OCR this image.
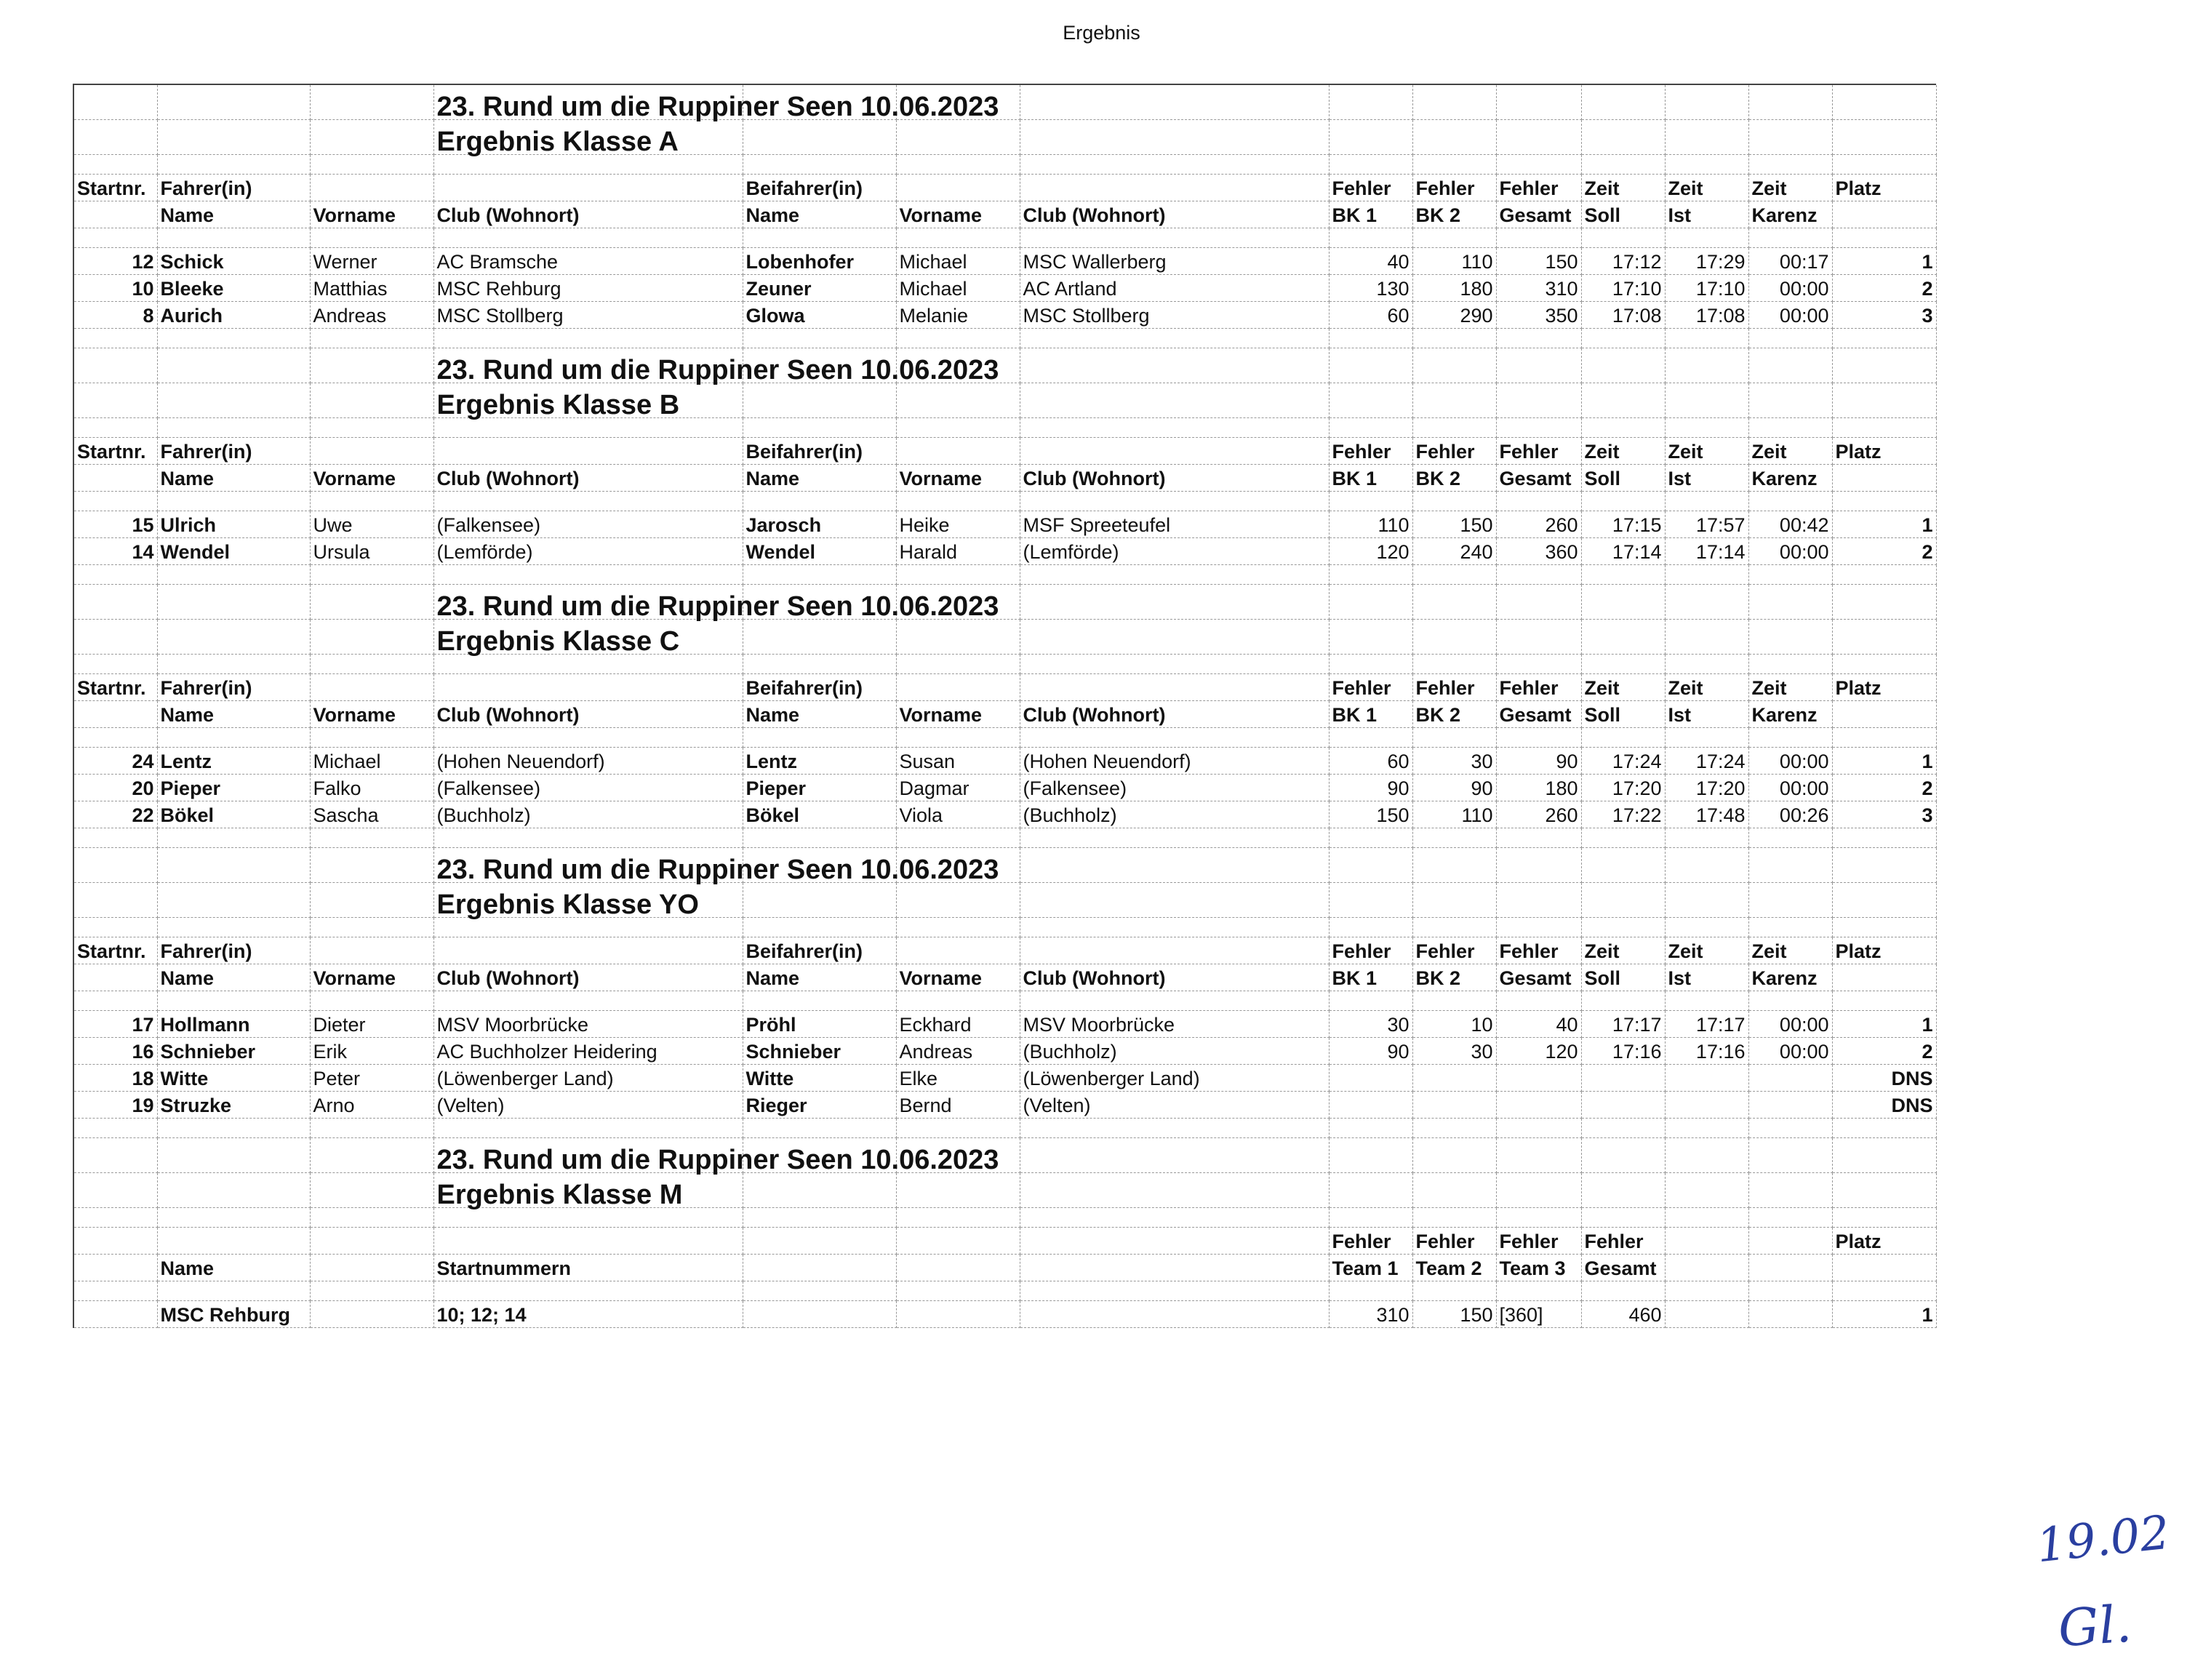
Ergebnis
			23. Rund um die Ruppiner Seen 10.06.2023										
			Ergebnis Klasse A										

Startnr.	Fahrer(in)			Beifahrer(in)			Fehler	Fehler	Fehler	Zeit	Zeit	Zeit	Platz
	Name	Vorname	Club (Wohnort)	Name	Vorname	Club (Wohnort)	BK 1	BK 2	Gesamt	Soll	Ist	Karenz	

12	Schick	Werner	AC Bramsche	Lobenhofer	Michael	MSC Wallerberg	40	110	150	17:12	17:29	00:17	1
10	Bleeke	Matthias	MSC Rehburg	Zeuner	Michael	AC Artland	130	180	310	17:10	17:10	00:00	2
8	Aurich	Andreas	MSC Stollberg	Glowa	Melanie	MSC Stollberg	60	290	350	17:08	17:08	00:00	3

			23. Rund um die Ruppiner Seen 10.06.2023										
			Ergebnis Klasse B										

Startnr.	Fahrer(in)			Beifahrer(in)			Fehler	Fehler	Fehler	Zeit	Zeit	Zeit	Platz
	Name	Vorname	Club (Wohnort)	Name	Vorname	Club (Wohnort)	BK 1	BK 2	Gesamt	Soll	Ist	Karenz	

15	Ulrich	Uwe	(Falkensee)	Jarosch	Heike	MSF Spreeteufel	110	150	260	17:15	17:57	00:42	1
14	Wendel	Ursula	(Lemförde)	Wendel	Harald	(Lemförde)	120	240	360	17:14	17:14	00:00	2

			23. Rund um die Ruppiner Seen 10.06.2023										
			Ergebnis Klasse C										

Startnr.	Fahrer(in)			Beifahrer(in)			Fehler	Fehler	Fehler	Zeit	Zeit	Zeit	Platz
	Name	Vorname	Club (Wohnort)	Name	Vorname	Club (Wohnort)	BK 1	BK 2	Gesamt	Soll	Ist	Karenz	

24	Lentz	Michael	(Hohen Neuendorf)	Lentz	Susan	(Hohen Neuendorf)	60	30	90	17:24	17:24	00:00	1
20	Pieper	Falko	(Falkensee)	Pieper	Dagmar	(Falkensee)	90	90	180	17:20	17:20	00:00	2
22	Bökel	Sascha	(Buchholz)	Bökel	Viola	(Buchholz)	150	110	260	17:22	17:48	00:26	3

			23. Rund um die Ruppiner Seen 10.06.2023										
			Ergebnis Klasse YO										

Startnr.	Fahrer(in)			Beifahrer(in)			Fehler	Fehler	Fehler	Zeit	Zeit	Zeit	Platz
	Name	Vorname	Club (Wohnort)	Name	Vorname	Club (Wohnort)	BK 1	BK 2	Gesamt	Soll	Ist	Karenz	

17	Hollmann	Dieter	MSV Moorbrücke	Pröhl	Eckhard	MSV Moorbrücke	30	10	40	17:17	17:17	00:00	1
16	Schnieber	Erik	AC Buchholzer Heidering	Schnieber	Andreas	(Buchholz)	90	30	120	17:16	17:16	00:00	2
18	Witte	Peter	(Löwenberger Land)	Witte	Elke	(Löwenberger Land)							DNS
19	Struzke	Arno	(Velten)	Rieger	Bernd	(Velten)							DNS

			23. Rund um die Ruppiner Seen 10.06.2023										
			Ergebnis Klasse M										

							Fehler	Fehler	Fehler	Fehler			Platz
	Name		Startnummern				Team 1	Team 2	Team 3	Gesamt			

	MSC Rehburg		10; 12; 14				310	150	[360]	460			1
19.02
Gl.
